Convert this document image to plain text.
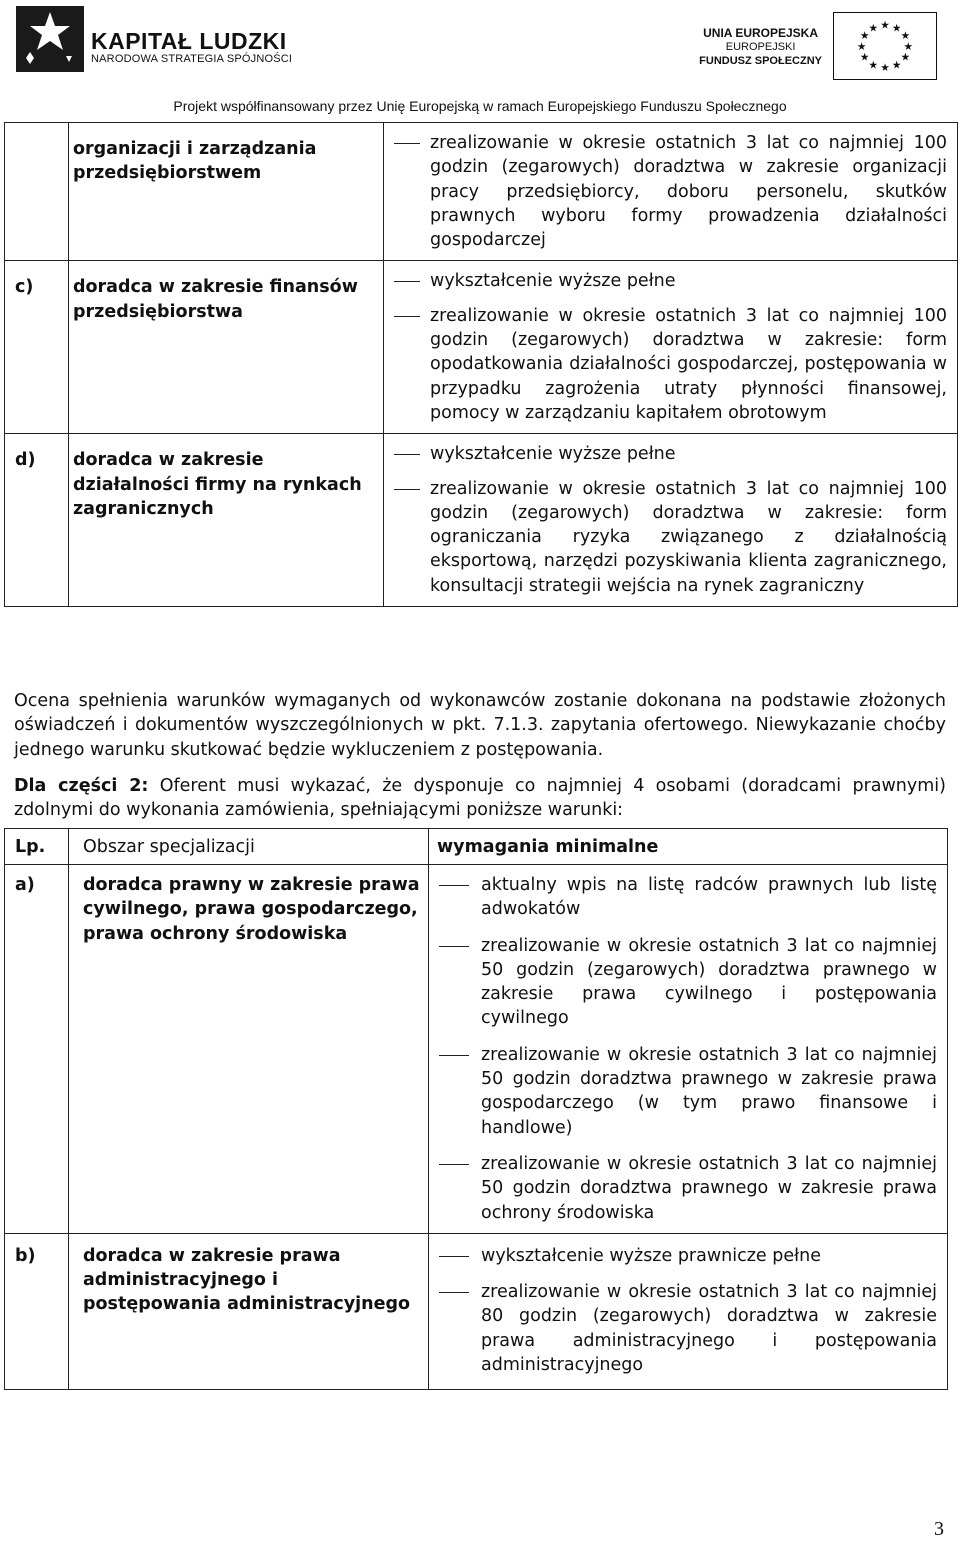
KAPITAŁ LUDZKI
NARODOWA STRATEGIA SPÓJNOŚCI
UNIA EUROPEJSKA
EUROPEJSKI
FUNDUSZ SPOŁECZNY
★ ★
★
★
★
★
★
★
★
★
★
★
Projekt współfinansowany przez Unię Europejską w ramach Europejskiego Funduszu Społecznego
	organizacji i zarządzania przedsiębiorstwem	zrealizowanie w okresie ostatnich 3 lat co najmniej 100 godzin (zegarowych) doradztwa w zakresie organizacji pracy przedsiębiorcy, doboru personelu, skutków prawnych wyboru formy prowadzenia działalności gospodarczej

c)	doradca w zakresie finansów przedsiębiorstwa	wykształcenie wyższe pełne
zrealizowanie w okresie ostatnich 3 lat co najmniej 100 godzin (zegarowych) doradztwa w zakresie: form opodatkowania działalności gospodarczej, postępowania w przypadku zagrożenia utraty płynności finansowej, pomocy w zarządzaniu kapitałem obrotowym

d)	doradca w zakresie działalności firmy na rynkach zagranicznych	wykształcenie wyższe pełne
zrealizowanie w okresie ostatnich 3 lat co najmniej 100 godzin (zegarowych) doradztwa w zakresie: form ograniczania ryzyka związanego z działalnością eksportową, narzędzi pozyskiwania klienta zagranicznego, konsultacji strategii wejścia na rynek zagraniczny
Ocena spełnienia warunków wymaganych od wykonawców zostanie dokonana na podstawie złożonych oświadczeń i dokumentów wyszczególnionych w pkt. 7.1.3. zapytania ofertowego. Niewykazanie choćby jednego warunku skutkować będzie wykluczeniem z postępowania.
Dla części 2: Oferent musi wykazać, że dysponuje co najmniej 4 osobami (doradcami prawnymi) zdolnymi do wykonania zamówienia, spełniającymi poniższe warunki:
Lp.	Obszar specjalizacji	wymagania minimalne
a)	doradca prawny w zakresie prawa cywilnego, prawa gospodarczego, prawa ochrony środowiska	aktualny wpis na listę radców prawnych lub listę adwokatów
zrealizowanie w okresie ostatnich 3 lat co najmniej 50 godzin (zegarowych) doradztwa prawnego w zakresie prawa cywilnego i postępowania cywilnego
zrealizowanie w okresie ostatnich 3 lat co najmniej 50 godzin doradztwa prawnego w zakresie prawa gospodarczego (w tym prawo finansowe i handlowe)
zrealizowanie w okresie ostatnich 3 lat co najmniej 50 godzin doradztwa prawnego w zakresie prawa ochrony środowiska

b)	doradca w zakresie prawa administracyjnego i postępowania administracyjnego	wykształcenie wyższe prawnicze pełne
zrealizowanie w okresie ostatnich 3 lat co najmniej 80 godzin (zegarowych) doradztwa w zakresie prawa administracyjnego i postępowania administracyjnego
3
